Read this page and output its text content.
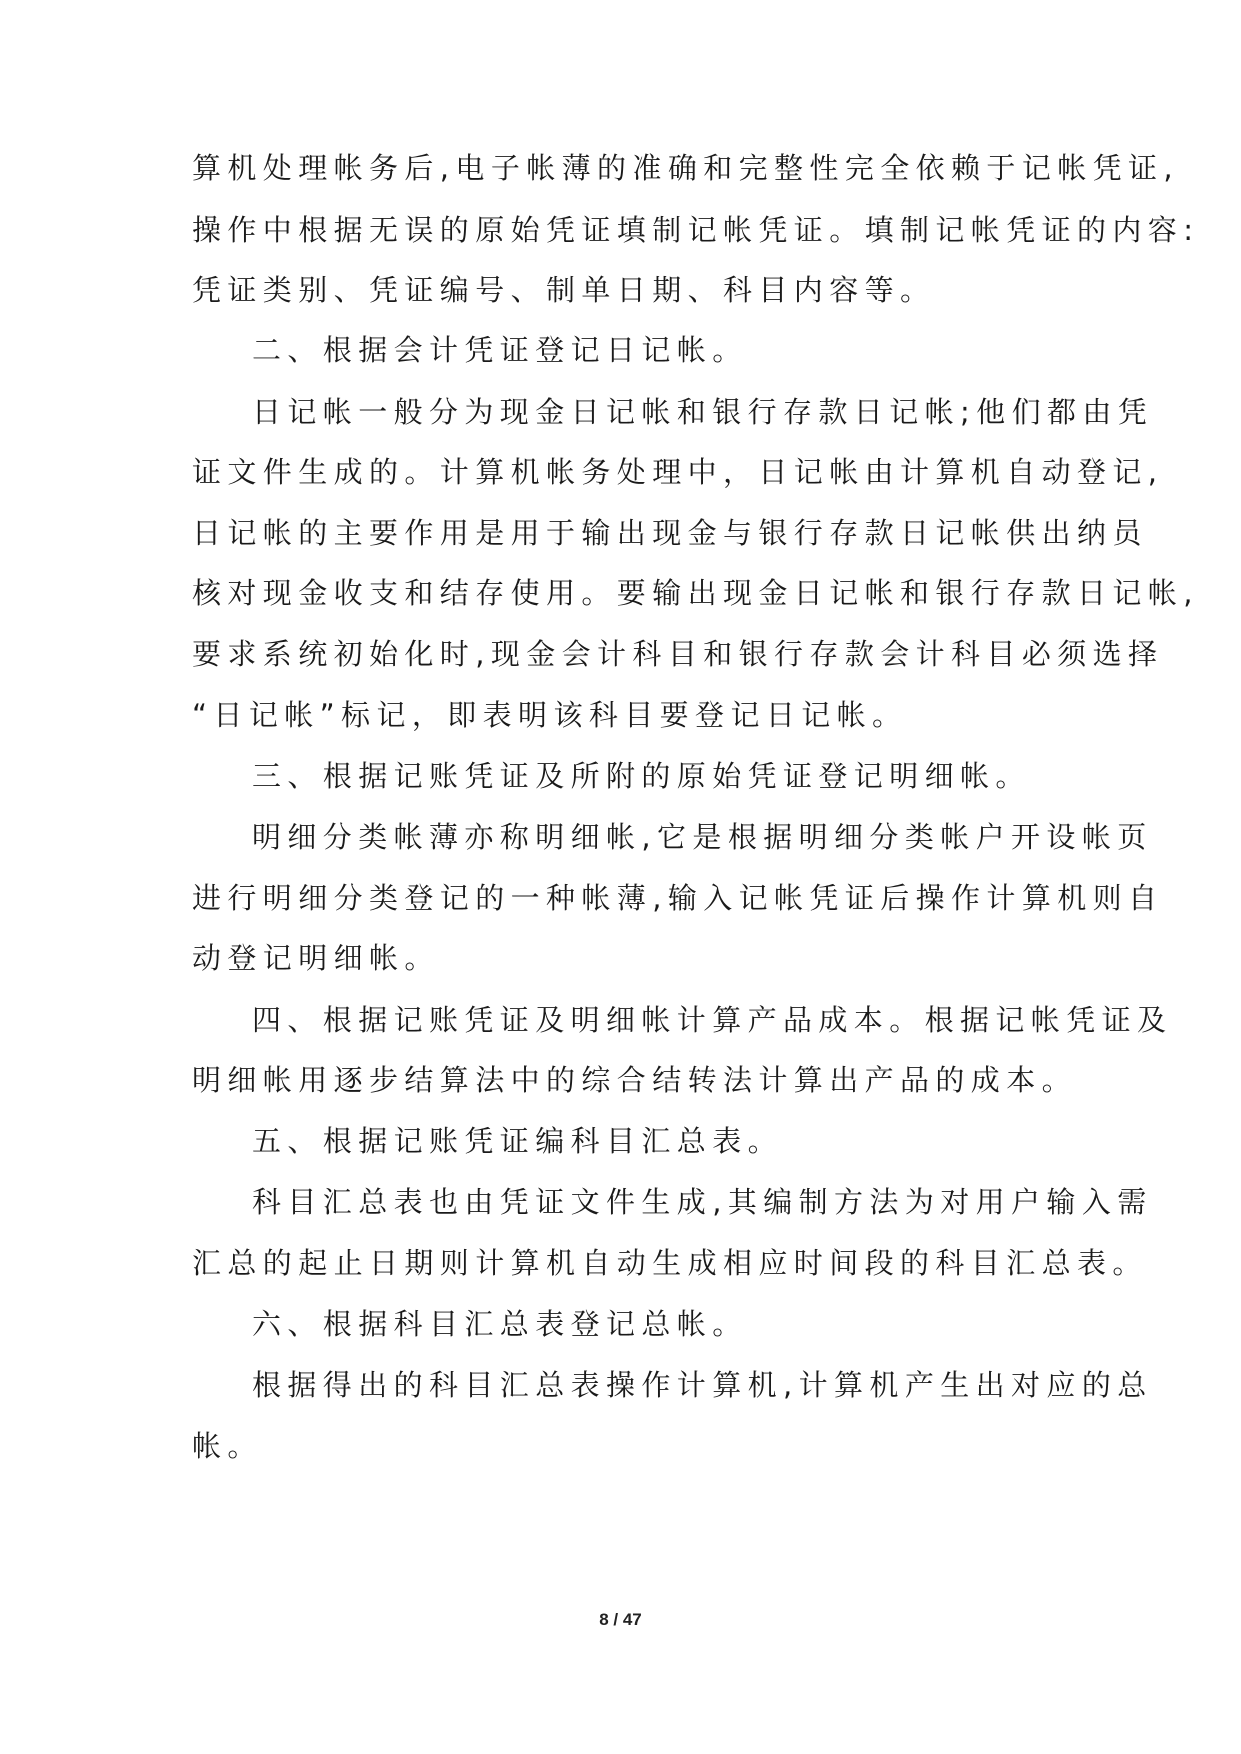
算机处理帐务后,电子帐薄的准确和完整性完全依赖于记帐凭证,
操作中根据无误的原始凭证填制记帐凭证。填制记帐凭证的内容:
凭证类别、凭证编号、制单日期、科目内容等。
二、根据会计凭证登记日记帐。
日记帐一般分为现金日记帐和银行存款日记帐;他们都由凭
证文件生成的。计算机帐务处理中，日记帐由计算机自动登记,
日记帐的主要作用是用于输出现金与银行存款日记帐供出纳员
核对现金收支和结存使用。要输出现金日记帐和银行存款日记帐,
要求系统初始化时,现金会计科目和银行存款会计科目必须选择
“日记帐”标记，即表明该科目要登记日记帐。
三、根据记账凭证及所附的原始凭证登记明细帐。
明细分类帐薄亦称明细帐,它是根据明细分类帐户开设帐页
进行明细分类登记的一种帐薄,输入记帐凭证后操作计算机则自
动登记明细帐。
四、根据记账凭证及明细帐计算产品成本。根据记帐凭证及
明细帐用逐步结算法中的综合结转法计算出产品的成本。
五、根据记账凭证编科目汇总表。
科目汇总表也由凭证文件生成,其编制方法为对用户输入需
汇总的起止日期则计算机自动生成相应时间段的科目汇总表。
六、根据科目汇总表登记总帐。
根据得出的科目汇总表操作计算机,计算机产生出对应的总
帐。
8 / 47
